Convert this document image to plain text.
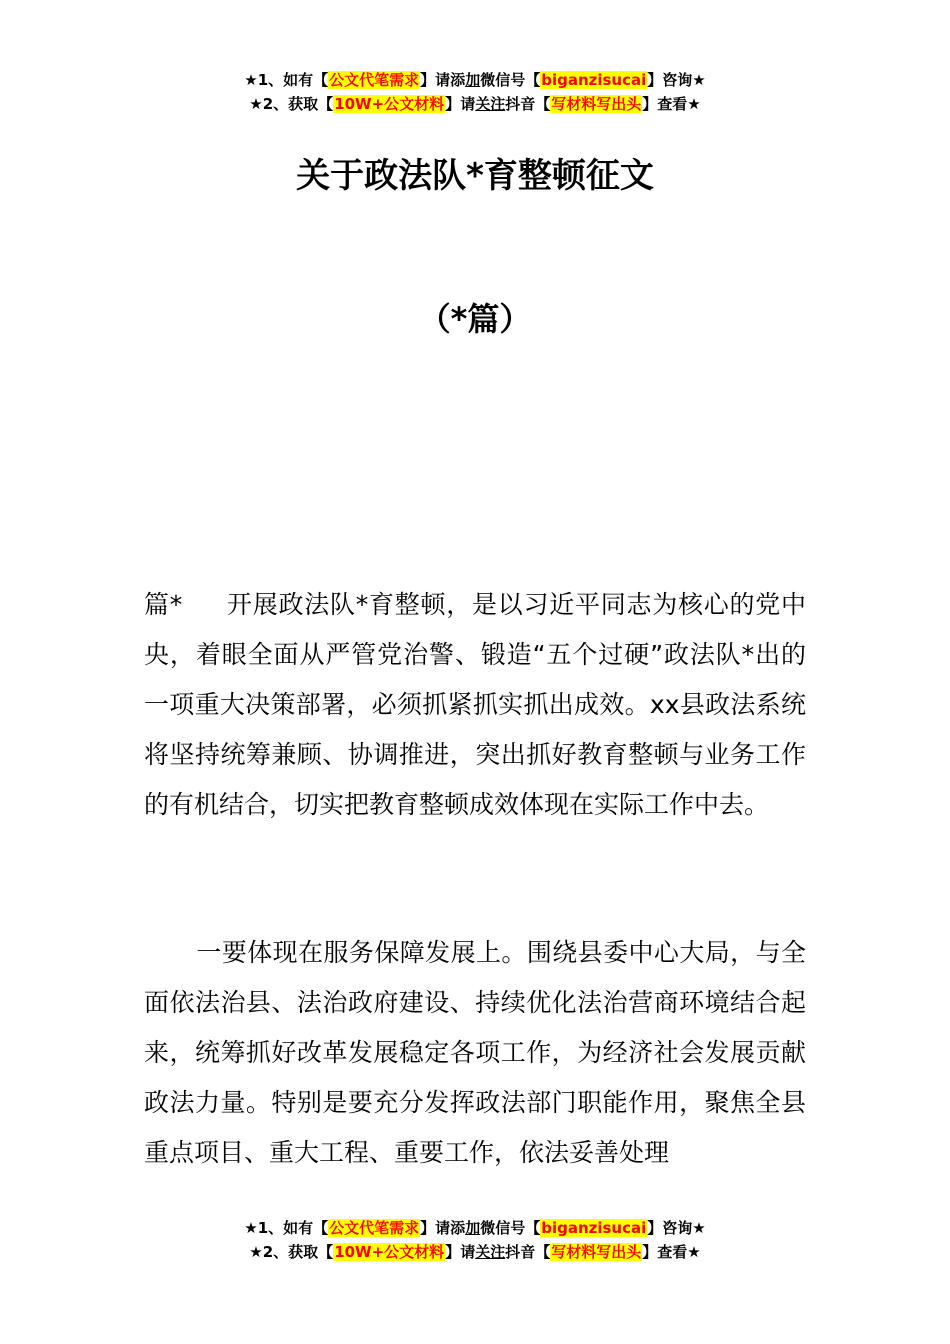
★1、如有【公文代笔需求】请添加微信号【biganzisucai】咨询★
★2、获取【10W+公文材料】请关注抖音【写材料写出头】查看★
关于政法队*育整顿征文
（*篇）

篇* 开展政法队*育整顿，是以习近平同志为核心的党中央，着眼全面从严管党治警、锻造“五个过硬”政法队*出的一项重大决策部署，必须抓紧抓实抓出成效。xx县政法系统将坚持统筹兼顾、协调推进，突出抓好教育整顿与业务工作的有机结合，切实把教育整顿成效体现在实际工作中去。

一要体现在服务保障发展上。围绕县委中心大局，与全面依法治县、法治政府建设、持续优化法治营商环境结合起来，统筹抓好改革发展稳定各项工作，为经济社会发展贡献政法力量。特别是要充分发挥政法部门职能作用，聚焦全县重点项目、重大工程、重要工作，依法妥善处理

★1、如有【公文代笔需求】请添加微信号【biganzisucai】咨询★
★2、获取【10W+公文材料】请关注抖音【写材料写出头】查看★
